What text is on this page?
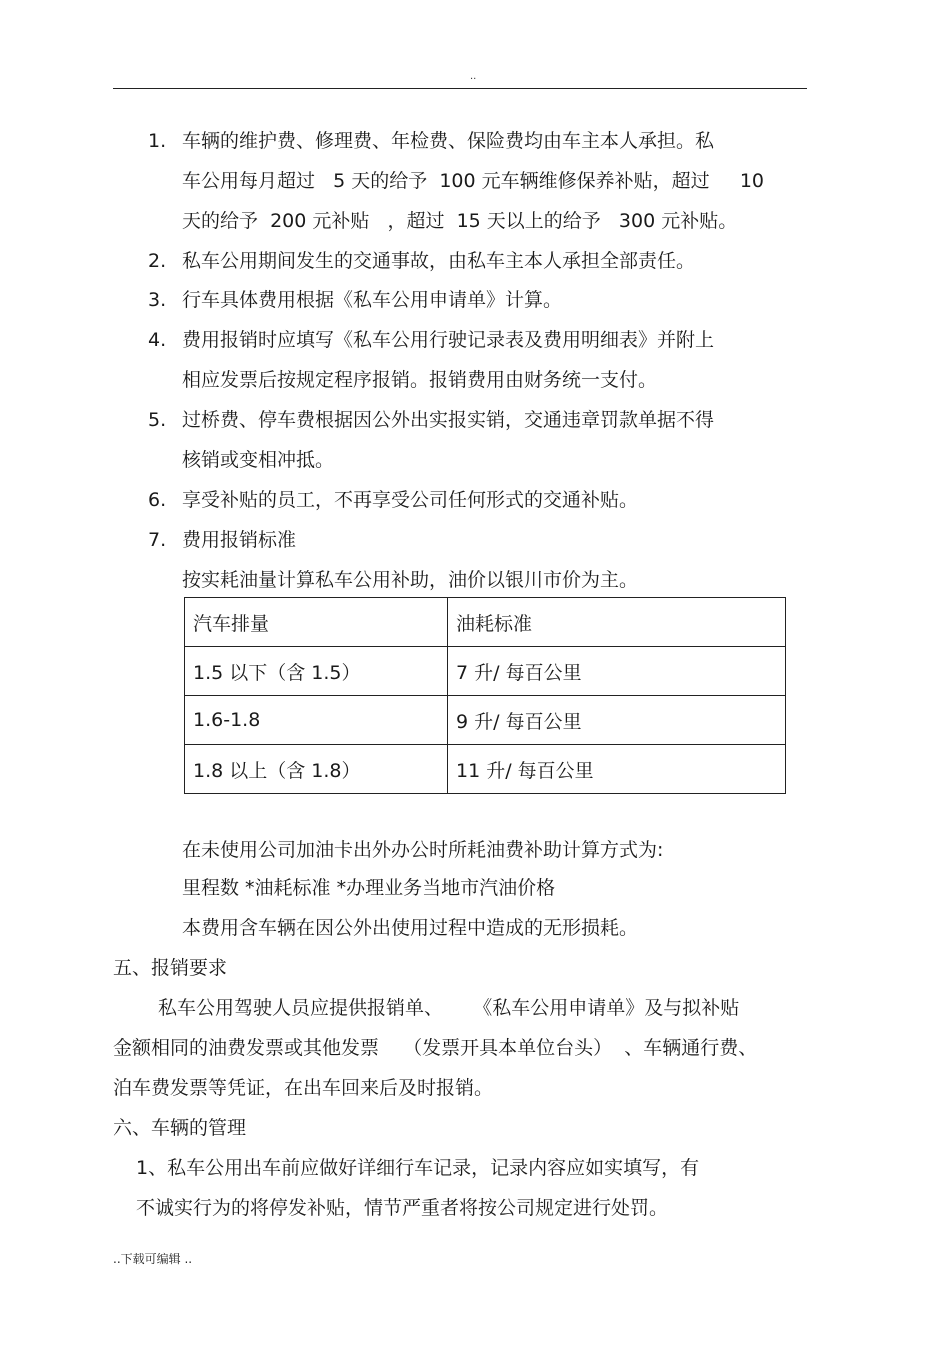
..
1. 车辆的维护费、修理费、年检费、保险费均由车主本人承担。私
车公用每月超过   5 天的给予  100 元车辆维修保养补贴，超过     10
天的给予  200 元补贴   ，超过  15 天以上的给予   300 元补贴。
2. 私车公用期间发生的交通事故，由私车主本人承担全部责任。
3. 行车具体费用根据《私车公用申请单》计算。
4. 费用报销时应填写《私车公用行驶记录表及费用明细表》并附上
相应发票后按规定程序报销。报销费用由财务统一支付。
5. 过桥费、停车费根据因公外出实报实销，交通违章罚款单据不得
核销或变相冲抵。
6. 享受补贴的员工，不再享受公司任何形式的交通补贴。
7. 费用报销标准
按实耗油量计算私车公用补助，油价以银川市价为主。
汽车排量	油耗标准
1.5 以下（含 1.5）	7 升/ 每百公里
1.6-1.8	9 升/ 每百公里
1.8 以上（含 1.8）	11 升/ 每百公里
在未使用公司加油卡出外办公时所耗油费补助计算方式为:
里程数 *油耗标准 *办理业务当地市汽油价格
本费用含车辆在因公外出使用过程中造成的无形损耗。
五、报销要求
私车公用驾驶人员应提供报销单、     《私车公用申请单》及与拟补贴
金额相同的油费发票或其他发票    （发票开具本单位台头）  、车辆通行费、
泊车费发票等凭证，在出车回来后及时报销。
六、车辆的管理
1、私车公用出车前应做好详细行车记录，记录内容应如实填写，有
不诚实行为的将停发补贴，情节严重者将按公司规定进行处罚。
..下载可编辑 ..
